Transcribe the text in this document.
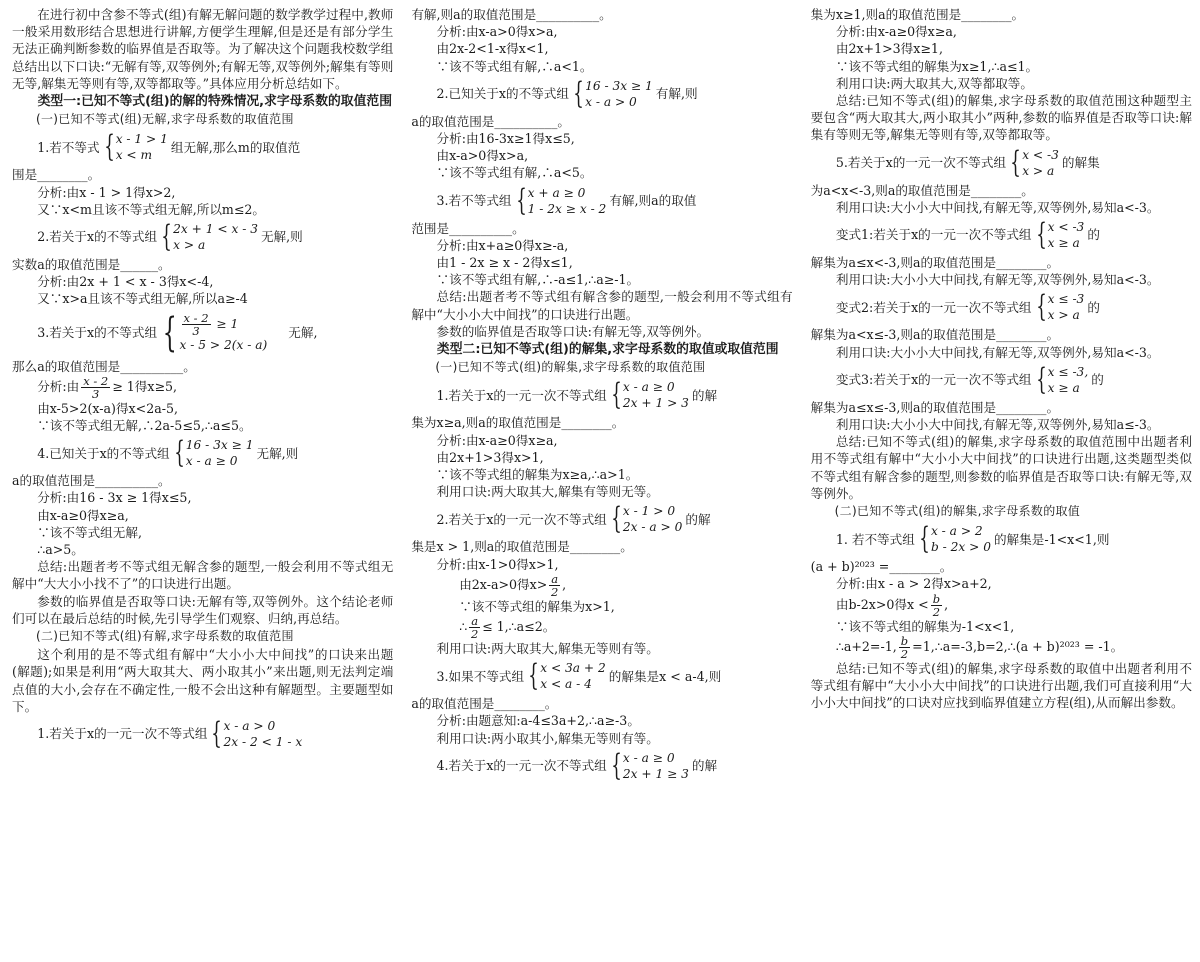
在进行初中含参不等式(组)有解无解问题的数学教学过程中,教师一般采用数形结合思想进行讲解,方便学生理解,但是还是有部分学生无法正确判断参数的临界值是否取等。为了解决这个问题我校数学组总结出以下口诀:“无解有等,双等例外;有解无等,双等例外;解集有等则无等,解集无等则有等,双等都取等。”具体应用分析总结如下。

类型一:已知不等式(组)的解的特殊情况,求字母系数的取值范围

(一)已知不等式(组)无解,求字母系数的取值范围

1.若不等式 { x - 1 > 1
x < m
组无解,那么m的取值范

围是________。

分析:由x - 1 > 1得x>2,

又∵x<m且该不等式组无解,所以m≤2。

2.若关于x的不等式组 { 2x + 1 < x - 3
x > a
无解,则

实数a的取值范围是______。

分析:由2x + 1 < x - 3得x<-4,

又∵x>a且该不等式组无解,所以a≥-4

3.若关于x的不等式组 { $\frac{x - 2}{3} \ge 1$
x - 5 > 2(x - a)
无解,

那么a的取值范围是__________。

分析:由 $\frac{x - 2}{3} \ge 1$得x≥5,

由x-5>2(x-a)得x<2a-5,

∵该不等式组无解,∴2a-5≤5,∴a≤5。

4.已知关于x的不等式组 { 16 - 3x ≥ 1
x - a ≥ 0
无解,则

a的取值范围是__________。

分析:由16 - 3x ≥ 1得x≤5,

由x-a≥0得x≥a,

∵该不等式组无解,

∴a>5。

总结:出题者考不等式组无解含参的题型,一般会利用不等式组无解中“大大小小找不了”的口诀进行出题。

参数的临界值是否取等口诀:无解有等,双等例外。这个结论老师们可以在最后总结的时候,先引导学生们观察、归纳,再总结。

(二)已知不等式(组)有解,求字母系数的取值范围

这个利用的是不等式组有解中“大小小大中间找”的口诀来出题(解题);如果是利用“两大取其大、两小取其小”来出题,则无法判定端点值的大小,会存在不确定性,一般不会出这种有解题型。主要题型如下。

1.若关于x的一元一次不等式组 { x - a > 0
2x - 2 < 1 - x

有解,则a的取值范围是__________。

分析:由x-a>0得x>a,

由2x-2<1-x得x<1,

∵该不等式组有解,∴a<1。

2.已知关于x的不等式组 { 16 - 3x ≥ 1
x - a > 0
有解,则

a的取值范围是__________。

分析:由16-3x≥1得x≤5,

由x-a>0得x>a,

∵该不等式组有解,∴a<5。

3.若不等式组 { x + a ≥ 0
1 - 2x ≥ x - 2
有解,则a的取值

范围是__________。

分析:由x+a≥0得x≥-a,

由1 - 2x ≥ x - 2得x≤1,

∵该不等式组有解,∴-a≤1,∴a≥-1。

总结:出题者考不等式组有解含参的题型,一般会利用不等式组有解中“大小小大中间找”的口诀进行出题。

参数的临界值是否取等口诀:有解无等,双等例外。

类型二:已知不等式(组)的解集,求字母系数的取值或取值范围

(一)已知不等式(组)的解集,求字母系数的取值范围

1.若关于x的一元一次不等式组 { x - a ≥ 0
2x + 1 > 3
的解

集为x≥a,则a的取值范围是________。

分析:由x-a≥0得x≥a,

由2x+1>3得x>1,

∵该不等式组的解集为x≥a,∴a>1。

利用口诀:两大取其大,解集有等则无等。

2.若关于x的一元一次不等式组 { x - 1 > 0
2x - a > 0
的解

集是x > 1,则a的取值范围是________。

分析:由x-1>0得x>1,

由2x-a>0得$x> \frac{a}{2}$ ,

∵该不等式组的解集为x>1,

∴ $\frac{a}{2}$ ≤ 1,∴a≤2。

利用口诀:两大取其大,解集无等则有等。

3.如果不等式组 { x < 3a + 2
x < a - 4
的解集是x < a-4,则

a的取值范围是________。

分析:由题意知:a-4≤3a+2,∴a≥-3。

利用口诀:两小取其小,解集无等则有等。

4.若关于x的一元一次不等式组 { x - a ≥ 0
2x + 1 ≥ 3
的解

集为x≥1,则a的取值范围是________。

分析:由x-a≥0得x≥a,

由2x+1>3得x≥1,

∵该不等式组的解集为x≥1,∴a≤1。

利用口诀:两大取其大,双等都取等。

总结:已知不等式(组)的解集,求字母系数的取值范围这种题型主要包含“两大取其大,两小取其小”两种,参数的临界值是否取等口诀:解集有等则无等,解集无等则有等,双等都取等。

5.若关于x的一元一次不等式组 { x < -3
x > a
的解集

为a<x<-3,则a的取值范围是________。

利用口诀:大小小大中间找,有解无等,双等例外,易知a<-3。

变式1:若关于x的一元一次不等式组 { x < -3
x ≥ a
的

解集为a≤x<-3,则a的取值范围是________。

利用口诀:大小小大中间找,有解无等,双等例外,易知a<-3。

变式2:若关于x的一元一次不等式组 { x ≤ -3
x > a
的

解集为a<x≤-3,则a的取值范围是________。

利用口诀:大小小大中间找,有解无等,双等例外,易知a<-3。

变式3:若关于x的一元一次不等式组 { x ≤ -3,
x ≥ a
的

解集为a≤x≤-3,则a的取值范围是________。

利用口诀:大小小大中间找,有解无等,双等例外,易知a≤-3。

总结:已知不等式(组)的解集,求字母系数的取值范围中出题者利用不等式组有解中“大小小大中间找”的口诀进行出题,这类题型类似不等式组有解含参的题型,则参数的临界值是否取等口诀:有解无等,双等例外。

(二)已知不等式(组)的解集,求字母系数的取值

1. 若不等式组 { x - a > 2
b - 2x > 0
的解集是-1<x<1,则

(a + b)²⁰²³ =________。

分析:由x - a > 2得x>a+2,

由b-2x>0得$x < \frac{b}{2}$ ,

∵该不等式组的解集为-1<x<1,

∴a+2=-1, $\frac{b}{2}$ =1,∴a=-3,b=2,∴(a + b)²⁰²³ = -1。

总结:已知不等式(组)的解集,求字母系数的取值中出题者利用不等式组有解中“大小小大中间找”的口诀进行出题,我们可直接利用“大小小大中间找”的口诀对应找到临界值建立方程(组),从而解出参数。
